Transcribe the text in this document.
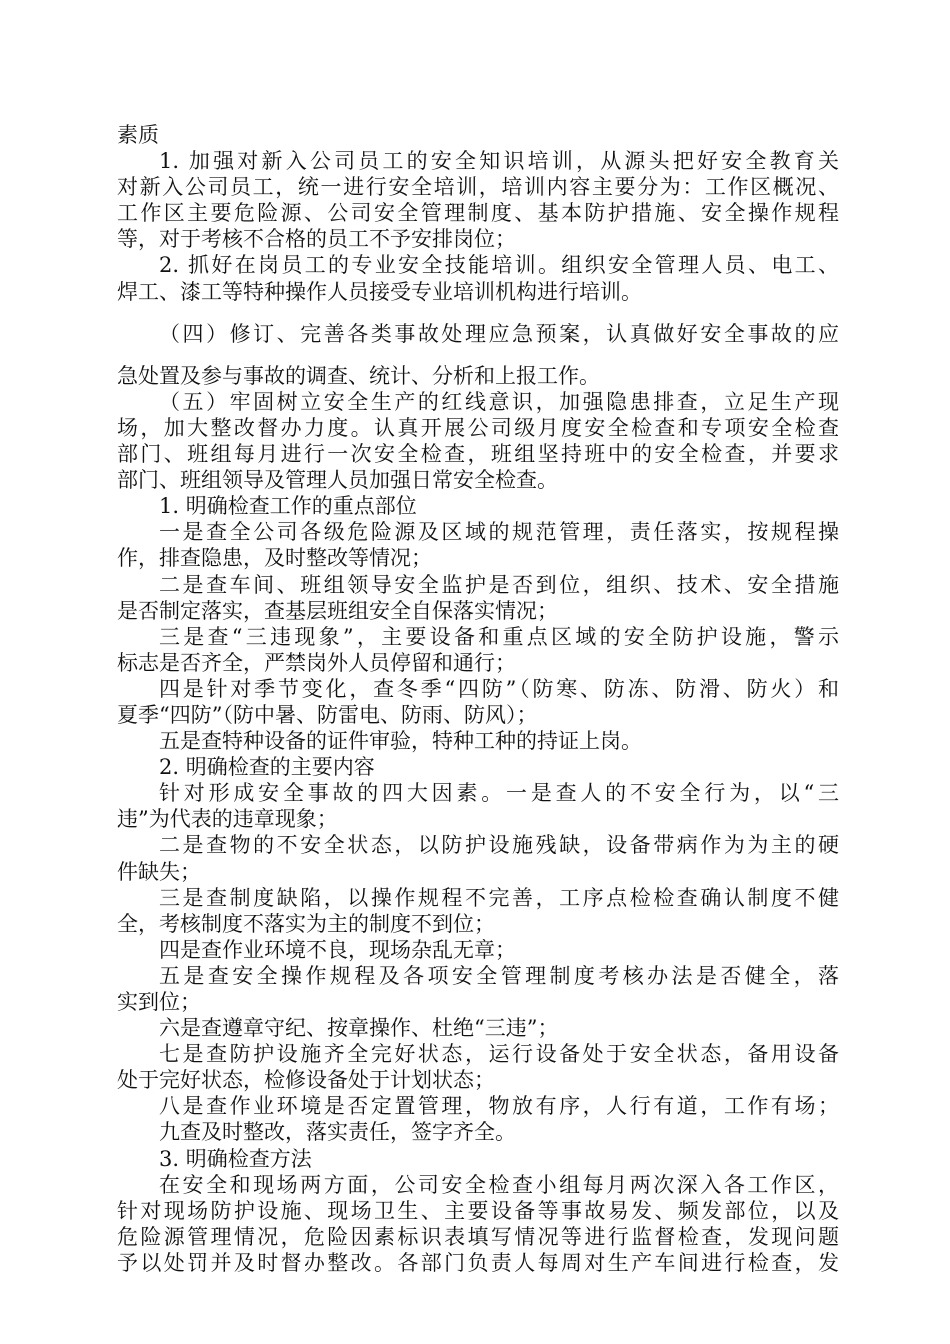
素质
1. 加强对新入公司员工的安全知识培训，从源头把好安全教育关
对新入公司员工，统一进行安全培训，培训内容主要分为：工作区概况、
工作区主要危险源、公司安全管理制度、基本防护措施、安全操作规程
等，对于考核不合格的员工不予安排岗位；
2. 抓好在岗员工的专业安全技能培训。组织安全管理人员、电工、
焊工、漆工等特种操作人员接受专业培训机构进行培训。
（四）修订、完善各类事故处理应急预案，认真做好安全事故的应
急处置及参与事故的调查、统计、分析和上报工作。
（五）牢固树立安全生产的红线意识，加强隐患排查，立足生产现
场，加大整改督办力度。认真开展公司级月度安全检查和专项安全检查
部门、班组每月进行一次安全检查，班组坚持班中的安全检查，并要求
部门、班组领导及管理人员加强日常安全检查。
1. 明确检查工作的重点部位
一是查全公司各级危险源及区域的规范管理，责任落实，按规程操
作，排查隐患，及时整改等情况；
二是查车间、班组领导安全监护是否到位，组织、技术、安全措施
是否制定落实，查基层班组安全自保落实情况；
三是查“三违现象”，主要设备和重点区域的安全防护设施，警示
标志是否齐全，严禁岗外人员停留和通行；
四是针对季节变化，查冬季“四防”（防寒、防冻、防滑、防火）和
夏季“四防”（防中暑、防雷电、防雨、防风）；
五是查特种设备的证件审验，特种工种的持证上岗。
2. 明确检查的主要内容
针对形成安全事故的四大因素。一是查人的不安全行为，以“三
违”为代表的违章现象；
二是查物的不安全状态，以防护设施残缺，设备带病作为为主的硬
件缺失；
三是查制度缺陷，以操作规程不完善，工序点检检查确认制度不健
全，考核制度不落实为主的制度不到位；
四是查作业环境不良，现场杂乱无章；
五是查安全操作规程及各项安全管理制度考核办法是否健全，落
实到位；
六是查遵章守纪、按章操作、杜绝“三违”；
七是查防护设施齐全完好状态，运行设备处于安全状态，备用设备
处于完好状态，检修设备处于计划状态；
八是查作业环境是否定置管理，物放有序，人行有道，工作有场；
九查及时整改，落实责任，签字齐全。
3. 明确检查方法
在安全和现场两方面，公司安全检查小组每月两次深入各工作区，
针对现场防护设施、现场卫生、主要设备等事故易发、频发部位，以及
危险源管理情况，危险因素标识表填写情况等进行监督检查，发现问题
予以处罚并及时督办整改。各部门负责人每周对生产车间进行检查，发
